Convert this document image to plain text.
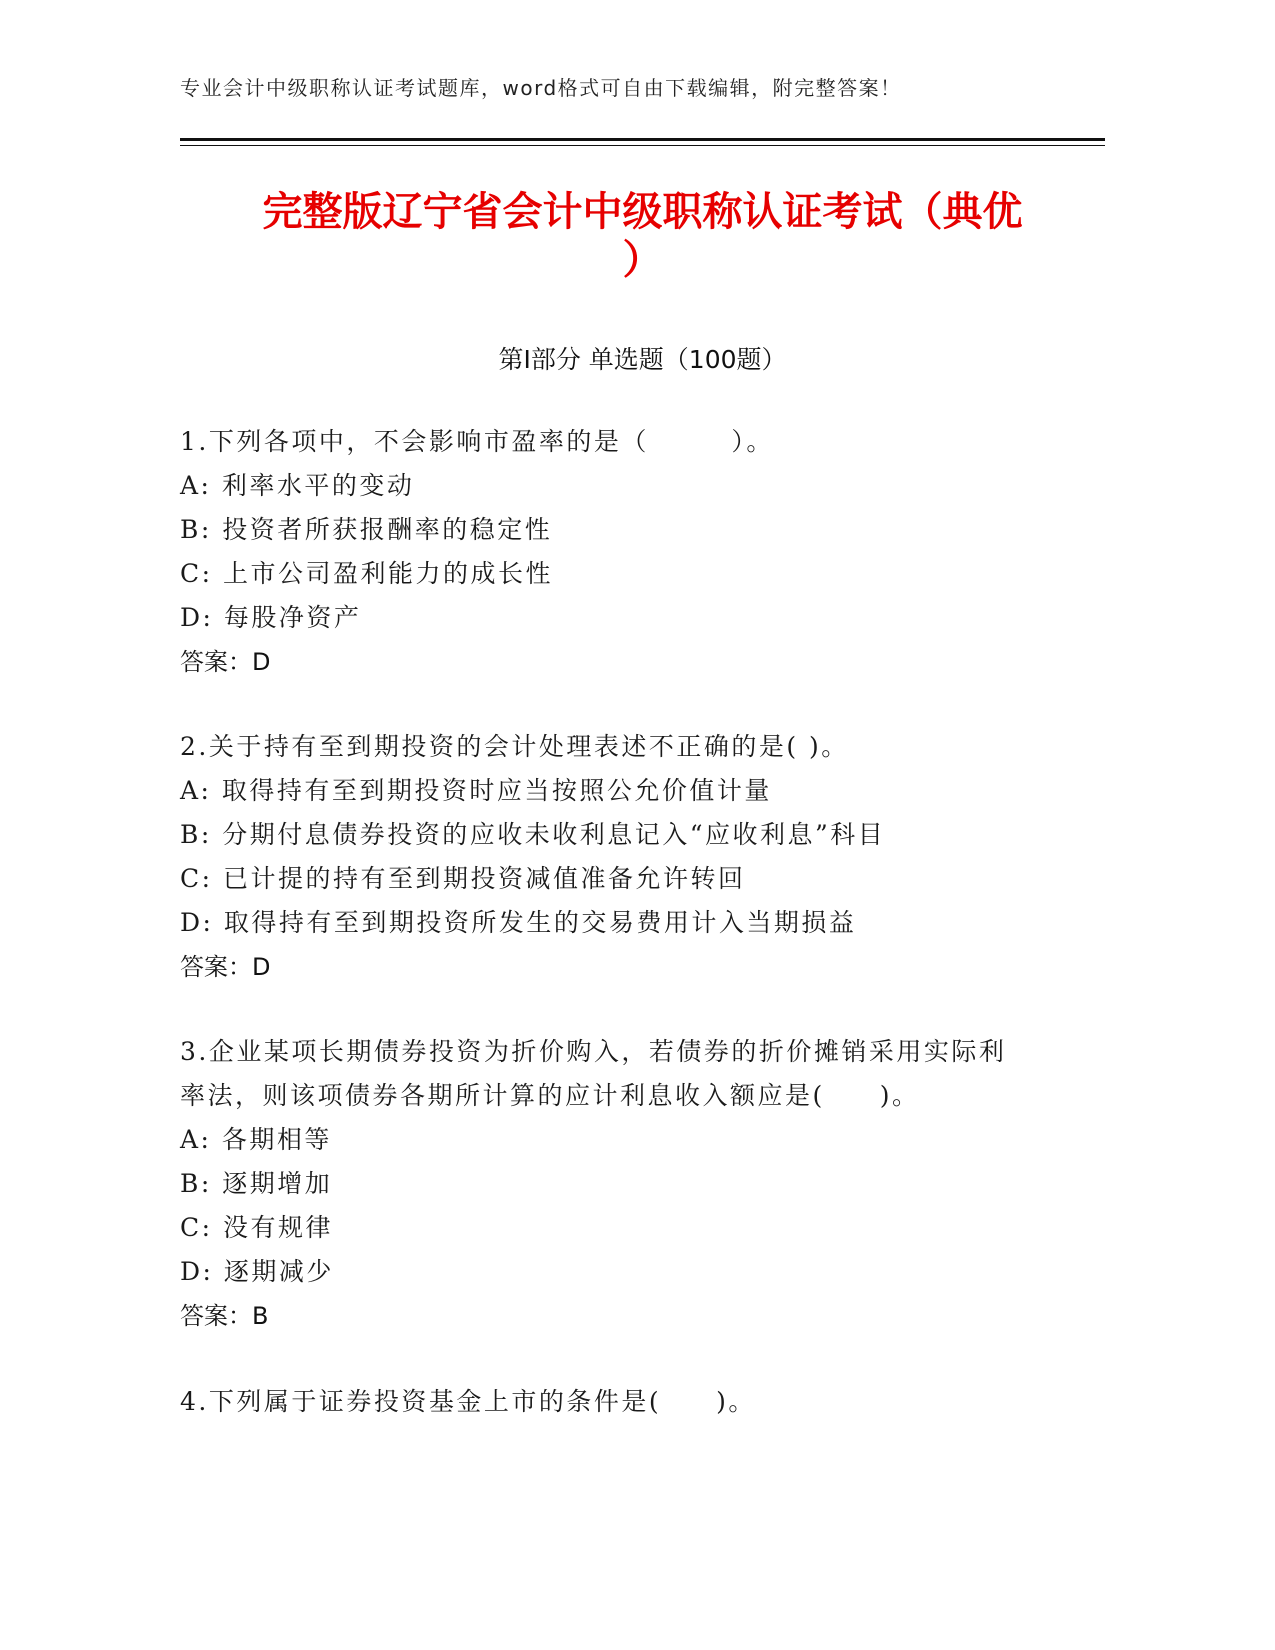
专业会计中级职称认证考试题库，word格式可自由下载编辑，附完整答案！
完整版辽宁省会计中级职称认证考试（典优
）
第Ⅰ部分 单选题（100题）
1.下列各项中，不会影响市盈率的是（　　　）。
A: 利率水平的变动
B: 投资者所获报酬率的稳定性
C: 上市公司盈利能力的成长性
D: 每股净资产
答案：D
2.关于持有至到期投资的会计处理表述不正确的是( )。
A: 取得持有至到期投资时应当按照公允价值计量
B: 分期付息债券投资的应收未收利息记入“应收利息”科目
C: 已计提的持有至到期投资减值准备允许转回
D: 取得持有至到期投资所发生的交易费用计入当期损益
答案：D
3.企业某项长期债券投资为折价购入，若债券的折价摊销采用实际利率法，则该项债券各期所计算的应计利息收入额应是(　　)。
A: 各期相等
B: 逐期增加
C: 没有规律
D: 逐期减少
答案：B
4.下列属于证券投资基金上市的条件是(　　)。
